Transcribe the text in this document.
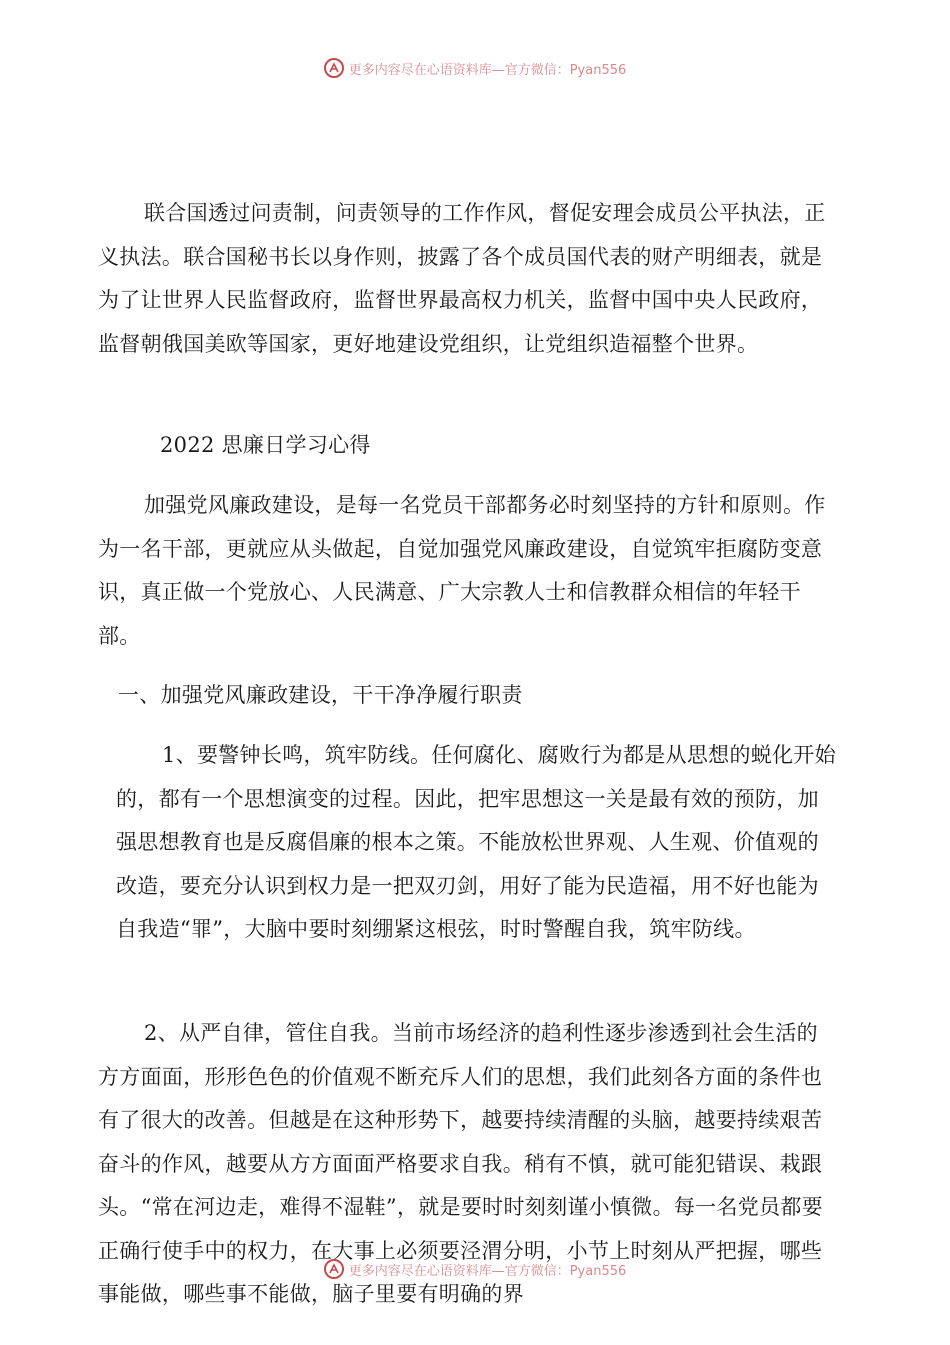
更多内容尽在心语资料库—官方微信：Pyan556

联合国透过问责制，问责领导的工作作风，督促安理会成员公平执法，正义执法。联合国秘书长以身作则，披露了各个成员国代表的财产明细表，就是为了让世界人民监督政府，监督世界最高权力机关，监督中国中央人民政府，监督朝俄国美欧等国家，更好地建设党组织，让党组织造福整个世界。

2022 思廉日学习心得

加强党风廉政建设，是每一名党员干部都务必时刻坚持的方针和原则。作为一名干部，更就应从头做起，自觉加强党风廉政建设，自觉筑牢拒腐防变意识，真正做一个党放心、人民满意、广大宗教人士和信教群众相信的年轻干部。

一、加强党风廉政建设，干干净净履行职责

1、要警钟长鸣，筑牢防线。任何腐化、腐败行为都是从思想的蜕化开始的，都有一个思想演变的过程。因此，把牢思想这一关是最有效的预防，加强思想教育也是反腐倡廉的根本之策。不能放松世界观、人生观、价值观的改造，要充分认识到权力是一把双刃剑，用好了能为民造福，用不好也能为自我造“罪”，大脑中要时刻绷紧这根弦，时时警醒自我，筑牢防线。

2、从严自律，管住自我。当前市场经济的趋利性逐步渗透到社会生活的方方面面，形形色色的价值观不断充斥人们的思想，我们此刻各方面的条件也有了很大的改善。但越是在这种形势下，越要持续清醒的头脑，越要持续艰苦奋斗的作风，越要从方方面面严格要求自我。稍有不慎，就可能犯错误、栽跟头。“常在河边走，难得不湿鞋”，就是要时时刻刻谨小慎微。每一名党员都要正确行使手中的权力，在大事上必须要泾渭分明，小节上时刻从严把握，哪些事能做，哪些事不能做，脑子里要有明确的界

更多内容尽在心语资料库—官方微信：Pyan556
